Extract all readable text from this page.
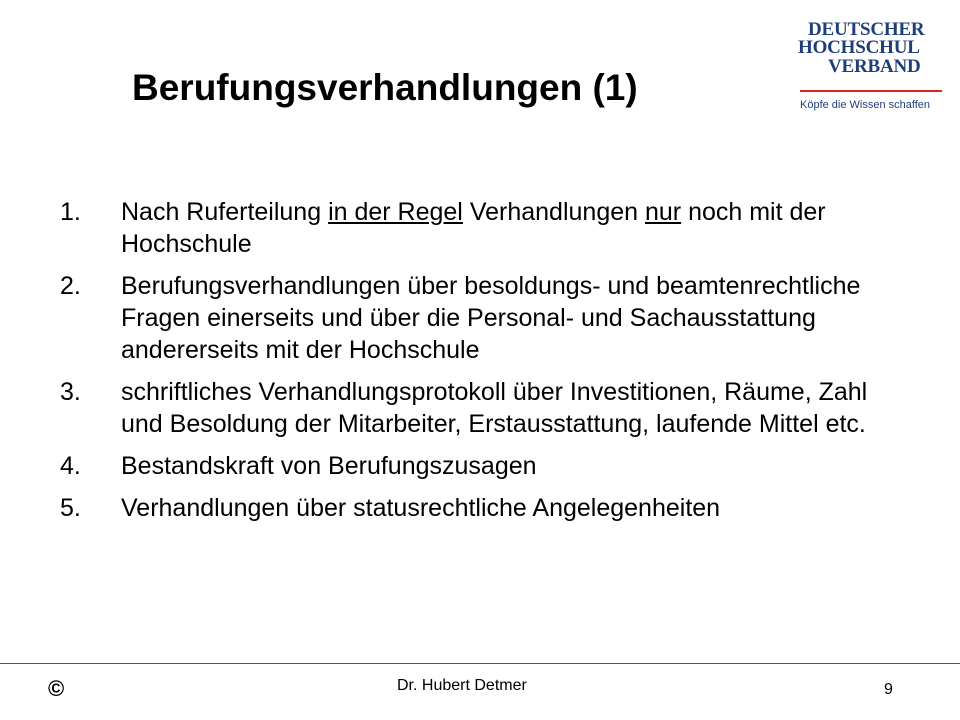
Berufungsverhandlungen (1)
DEUTSCHER
HOCHSCHUL
VERBAND
Köpfe die Wissen schaffen
1.	Nach Ruferteilung in der Regel Verhandlungen nur noch mit der Hochschule
2.	Berufungsverhandlungen über besoldungs- und beamtenrechtliche Fragen einerseits und über die Personal- und Sachausstattung andererseits mit der Hochschule
3.	schriftliches Verhandlungsprotokoll über Investitionen, Räume, Zahl und Besoldung der Mitarbeiter, Erstausstattung, laufende Mittel etc.
4.	Bestandskraft von Berufungszusagen
5.	Verhandlungen über statusrechtliche Angelegenheiten
©	Dr. Hubert Detmer	9
